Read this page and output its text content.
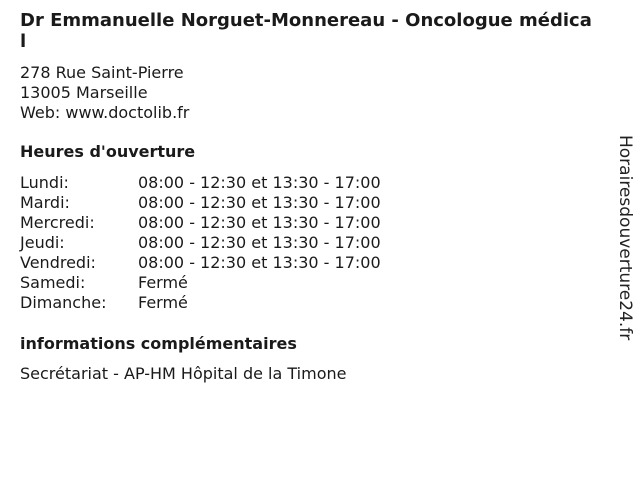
Dr Emmanuelle Norguet-Monnereau - Oncologue médical
278 Rue Saint-Pierre
13005 Marseille
Web: www.doctolib.fr
Heures d'ouverture
Lundi:	08:00 - 12:30 et 13:30 - 17:00
Mardi:	08:00 - 12:30 et 13:30 - 17:00
Mercredi:	08:00 - 12:30 et 13:30 - 17:00
Jeudi:	08:00 - 12:30 et 13:30 - 17:00
Vendredi:	08:00 - 12:30 et 13:30 - 17:00
Samedi:	Fermé
Dimanche:	Fermé
informations complémentaires
Secrétariat - AP-HM Hôpital de la Timone
Horairesdouverture24.fr
